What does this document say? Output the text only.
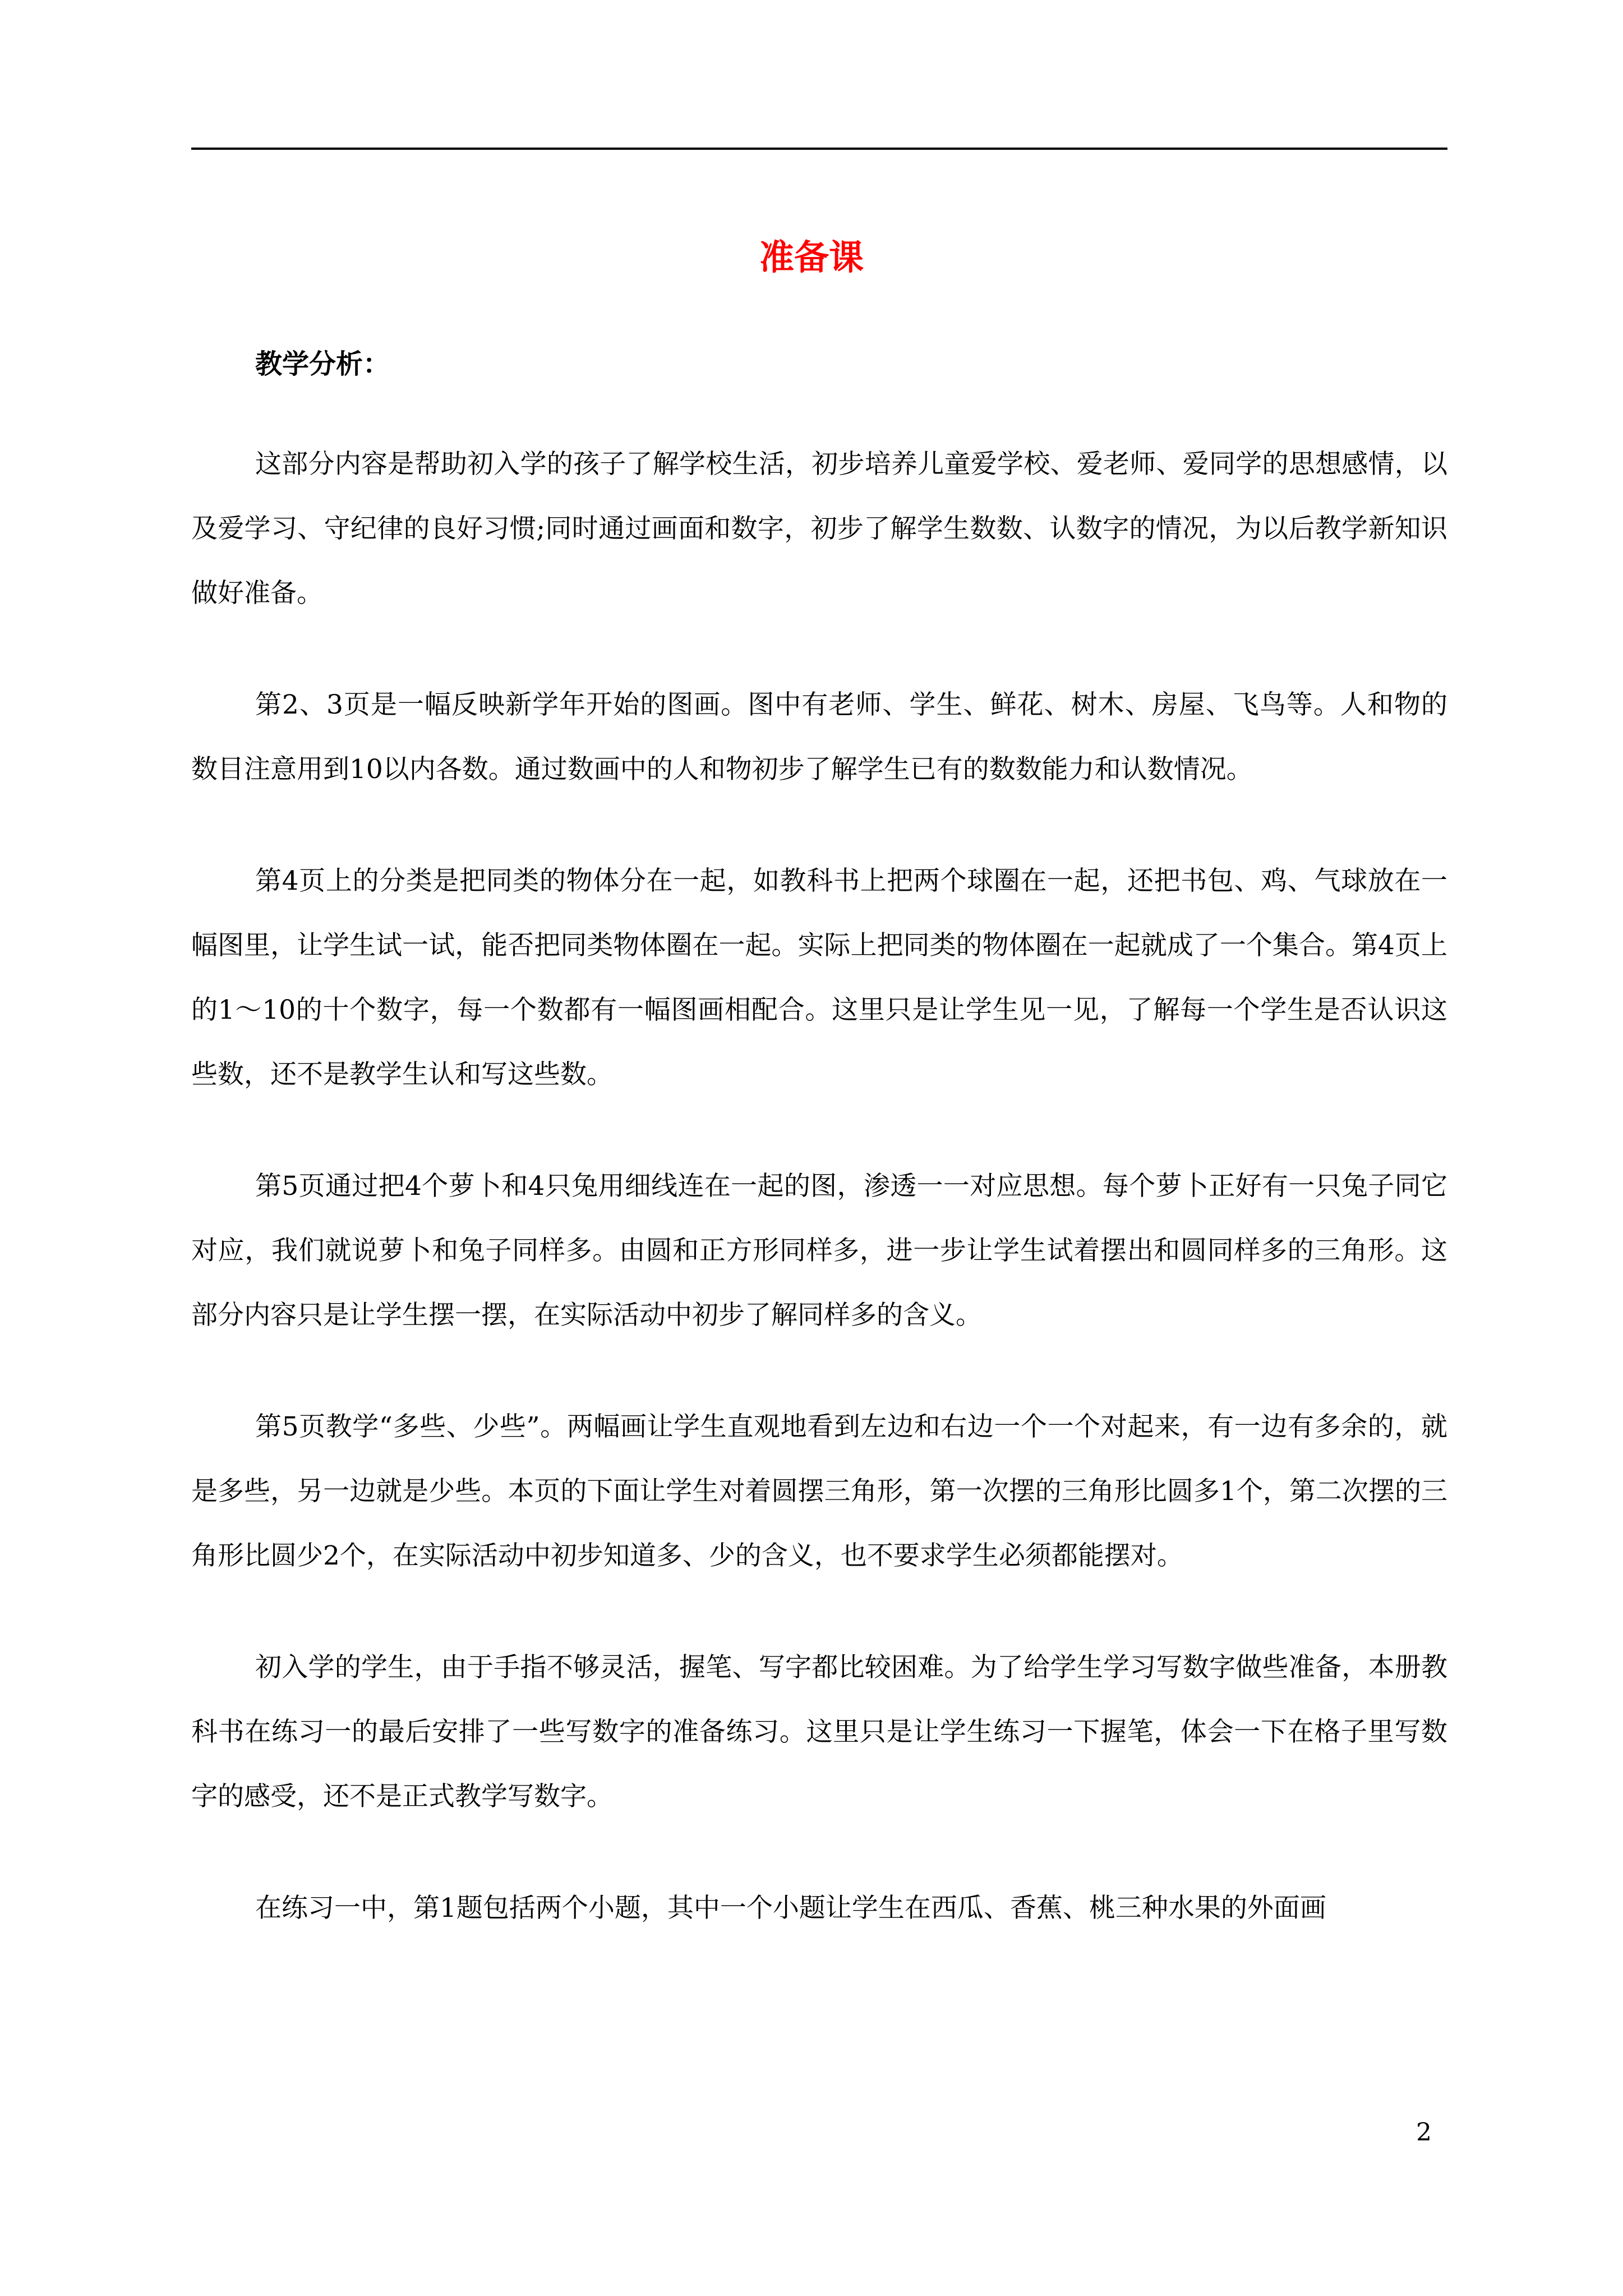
准备课
教学分析：

这部分内容是帮助初入学的孩子了解学校生活，初步培养儿童爱学校、爱老师、爱同学的思想感情，以及爱学习、守纪律的良好习惯;同时通过画面和数字，初步了解学生数数、认数字的情况，为以后教学新知识做好准备。

第2、3页是一幅反映新学年开始的图画。图中有老师、学生、鲜花、树木、房屋、飞鸟等。人和物的数目注意用到10以内各数。通过数画中的人和物初步了解学生已有的数数能力和认数情况。

第4页上的分类是把同类的物体分在一起，如教科书上把两个球圈在一起，还把书包、鸡、气球放在一幅图里，让学生试一试，能否把同类物体圈在一起。实际上把同类的物体圈在一起就成了一个集合。第4页上的1～10的十个数字，每一个数都有一幅图画相配合。这里只是让学生见一见，了解每一个学生是否认识这些数，还不是教学生认和写这些数。

第5页通过把4个萝卜和4只兔用细线连在一起的图，渗透一一对应思想。每个萝卜正好有一只兔子同它对应，我们就说萝卜和兔子同样多。由圆和正方形同样多，进一步让学生试着摆出和圆同样多的三角形。这部分内容只是让学生摆一摆，在实际活动中初步了解同样多的含义。

第5页教学“多些、少些”。两幅画让学生直观地看到左边和右边一个一个对起来，有一边有多余的，就是多些，另一边就是少些。本页的下面让学生对着圆摆三角形，第一次摆的三角形比圆多1个，第二次摆的三角形比圆少2个，在实际活动中初步知道多、少的含义，也不要求学生必须都能摆对。

初入学的学生，由于手指不够灵活，握笔、写字都比较困难。为了给学生学习写数字做些准备，本册教科书在练习一的最后安排了一些写数字的准备练习。这里只是让学生练习一下握笔，体会一下在格子里写数字的感受，还不是正式教学写数字。

在练习一中，第1题包括两个小题，其中一个小题让学生在西瓜、香蕉、桃三种水果的外面画

2
